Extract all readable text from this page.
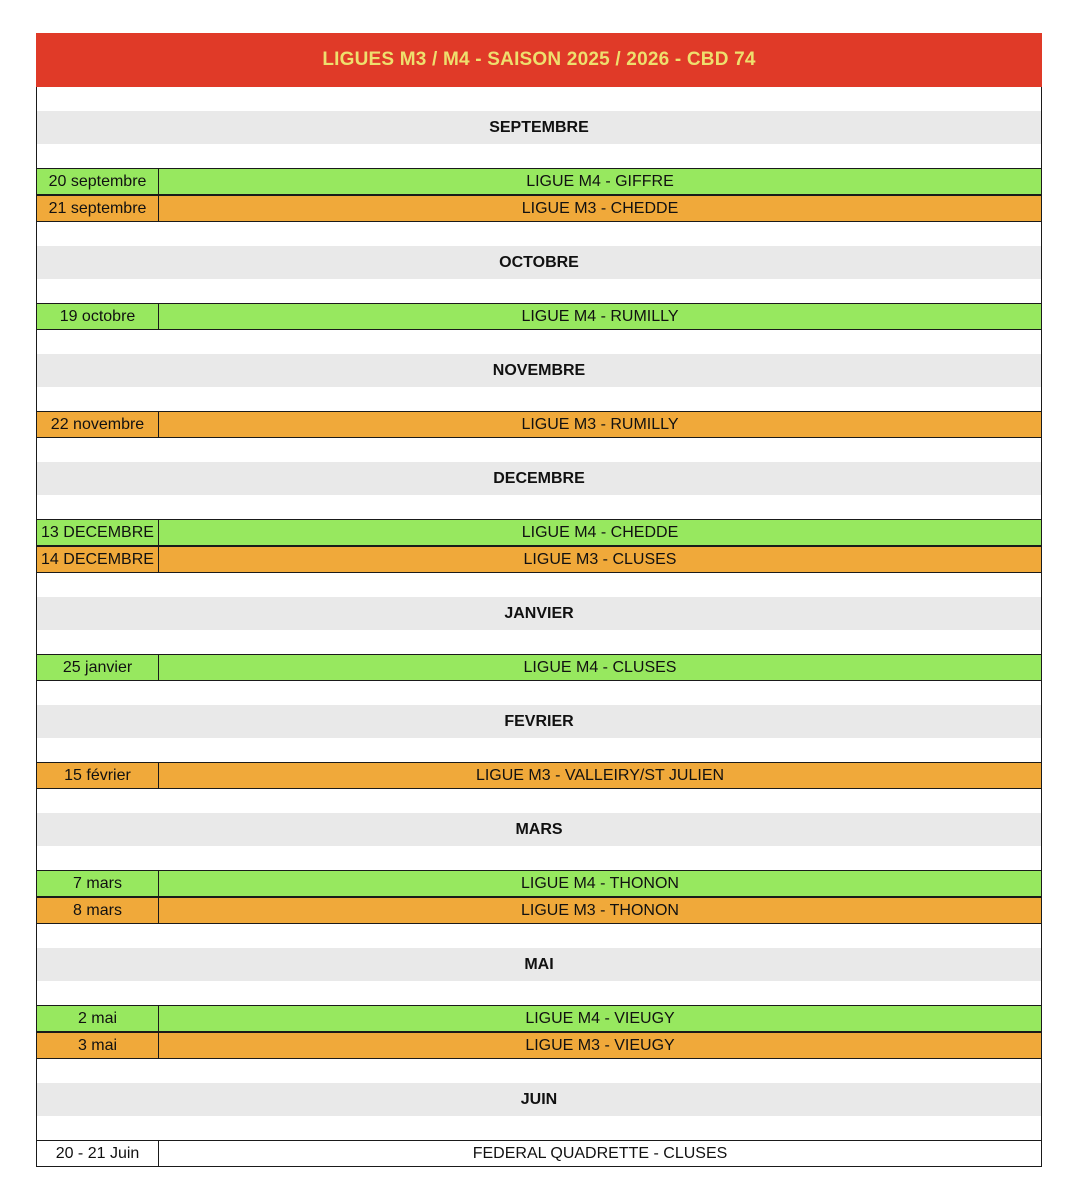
LIGUES M3 / M4 - SAISON 2025 / 2026 - CBD 74
SEPTEMBRE
20 septembre	LIGUE M4 - GIFFRE
21 septembre	LIGUE M3 - CHEDDE
OCTOBRE
19 octobre	LIGUE M4 - RUMILLY
NOVEMBRE
22 novembre	LIGUE M3 - RUMILLY
DECEMBRE
13 DECEMBRE	LIGUE M4 - CHEDDE
14 DECEMBRE	LIGUE M3 - CLUSES
JANVIER
25 janvier	LIGUE M4 - CLUSES
FEVRIER
15 février	LIGUE M3 - VALLEIRY/ST JULIEN
MARS
7 mars	LIGUE M4 - THONON
8 mars	LIGUE M3 - THONON
MAI
2 mai	LIGUE M4 - VIEUGY
3 mai	LIGUE M3 - VIEUGY
JUIN
20 - 21 Juin	FEDERAL QUADRETTE - CLUSES
